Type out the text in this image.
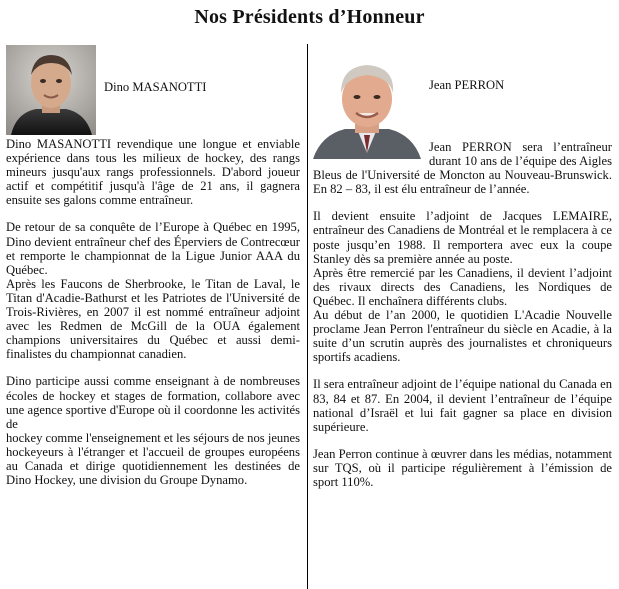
Nos Présidents d’Honneur
Dino MASANOTTI

Dino MASANOTTI revendique une longue et enviable expérience dans tous les milieux de hockey, des rangs mineurs jusqu'aux rangs professionnels. D'abord joueur actif et compétitif jusqu'à l'âge de 21 ans, il gagnera ensuite ses galons comme entraîneur.

De retour de sa conquête de l’Europe à Québec en 1995, Dino devient entraîneur chef des Éperviers de Contrecœur et remporte le championnat de la Ligue Junior AAA du Québec.

Après les Faucons de Sherbrooke, le Titan de Laval, le Titan d'Acadie-Bathurst et les Patriotes de l'Université de Trois-Rivières, en 2007 il est nommé entraîneur adjoint avec les Redmen de McGill de la OUA également champions universitaires du Québec et aussi demi-finalistes du championnat canadien.

Dino participe aussi comme enseignant à de nombreuses écoles de hockey et stages de formation, collabore avec une agence sportive d'Europe où il coordonne les activités de

hockey comme l'enseignement et les séjours de nos jeunes hockeyeurs à l'étranger et l'accueil de groupes européens au Canada et dirige quotidiennement les destinées de Dino Hockey, une division du Groupe Dynamo.

Jean PERRON

Jean PERRON sera l’entraîneur durant 10 ans de l’équipe des Aigles Bleus de l'Université de Moncton au Nouveau-Brunswick. En 82 – 83, il est élu entraîneur de l’année.

Il devient ensuite l’adjoint de Jacques LEMAIRE, entraîneur des Canadiens de Montréal et le remplacera à ce poste jusqu’en 1988. Il remportera avec eux la coupe Stanley dès sa première année au poste.

Après être remercié par les Canadiens, il devient l’adjoint des rivaux directs des Canadiens, les Nordiques de Québec. Il enchaînera différents clubs.

Au début de l’an 2000, le quotidien L'Acadie Nouvelle proclame Jean Perron l'entraîneur du siècle en Acadie, à la suite d’un scrutin auprès des journalistes et chroniqueurs sportifs acadiens.

Il sera entraîneur adjoint de l’équipe national du Canada en 83, 84 et 87. En 2004, il devient l’entraîneur de l’équipe national d’Israël et lui fait gagner sa place en division supérieure.

Jean Perron continue à œuvrer dans les médias, notamment sur TQS, où il participe régulièrement à l’émission de sport 110%.
